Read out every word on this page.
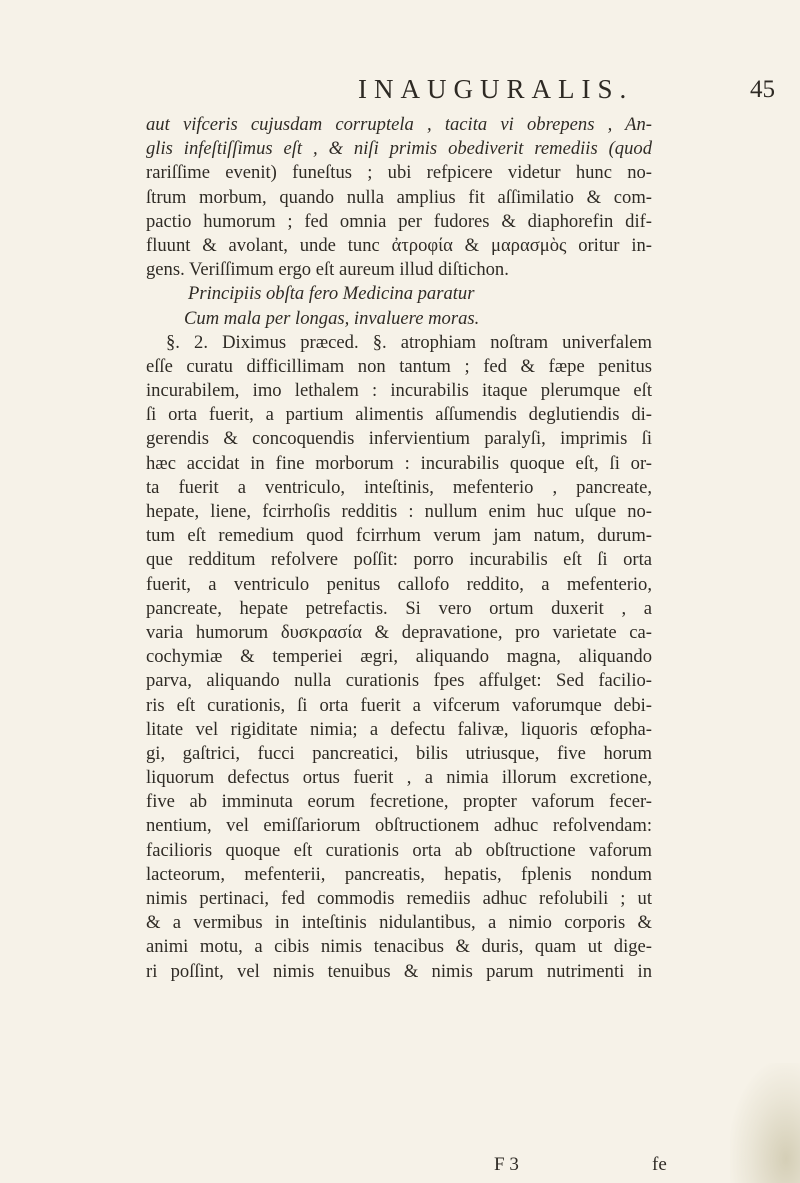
INAUGURALIS.	45
aut vifceris cujusdam corruptela , tacita vi obrepens , An-
glis infeſtiſſimus eſt , & niſi primis obediverit remediis (quod
rariſſime evenit) funeſtus ; ubi refpicere videtur hunc no-
ſtrum morbum, quando nulla amplius fit aſſimilatio & com-
pactio humorum ; fed omnia per fudores & diaphorefin dif-
fluunt & avolant, unde tunc ἀτροφία & μαρασμὸς oritur in-
gens. Veriſſimum ergo eſt aureum illud diſtichon.
Principiis obſta fero Medicina paratur
Cum mala per longas, invaluere moras.
§. 2. Diximus præced. §. atrophiam noſtram univerfalem
eſſe curatu difficillimam non tantum ; fed & fæpe penitus
incurabilem, imo lethalem : incurabilis itaque plerumque eſt
ſi orta fuerit, a partium alimentis aſſumendis deglutiendis di-
gerendis & concoquendis infervientium paralyſi, imprimis ſi
hæc accidat in fine morborum : incurabilis quoque eſt, ſi or-
ta fuerit a ventriculo, inteſtinis, mefenterio , pancreate,
hepate, liene, fcirrhoſis redditis : nullum enim huc uſque no-
tum eſt remedium quod fcirrhum verum jam natum, durum-
que redditum refolvere poſſit: porro incurabilis eſt ſi orta
fuerit, a ventriculo penitus callofo reddito, a mefenterio,
pancreate, hepate petrefactis. Si vero ortum duxerit , a
varia humorum δυσκρασία & depravatione, pro varietate ca-
cochymiæ & temperiei ægri, aliquando magna, aliquando
parva, aliquando nulla curationis fpes affulget: Sed facilio-
ris eſt curationis, ſi orta fuerit a vifcerum vaforumque debi-
litate vel rigiditate nimia; a defectu falivæ, liquoris œfopha-
gi, gaſtrici, fucci pancreatici, bilis utriusque, five horum
liquorum defectus ortus fuerit , a nimia illorum excretione,
five ab imminuta eorum fecretione, propter vaforum fecer-
nentium, vel emiſſariorum obſtructionem adhuc refolvendam:
facilioris quoque eſt curationis orta ab obſtructione vaforum
lacteorum, mefenterii, pancreatis, hepatis, fplenis nondum
nimis pertinaci, fed commodis remediis adhuc refolubili ; ut
& a vermibus in inteſtinis nidulantibus, a nimio corporis &
animi motu, a cibis nimis tenacibus & duris, quam ut dige-
ri poſſint, vel nimis tenuibus & nimis parum nutrimenti in
F 3	fe
